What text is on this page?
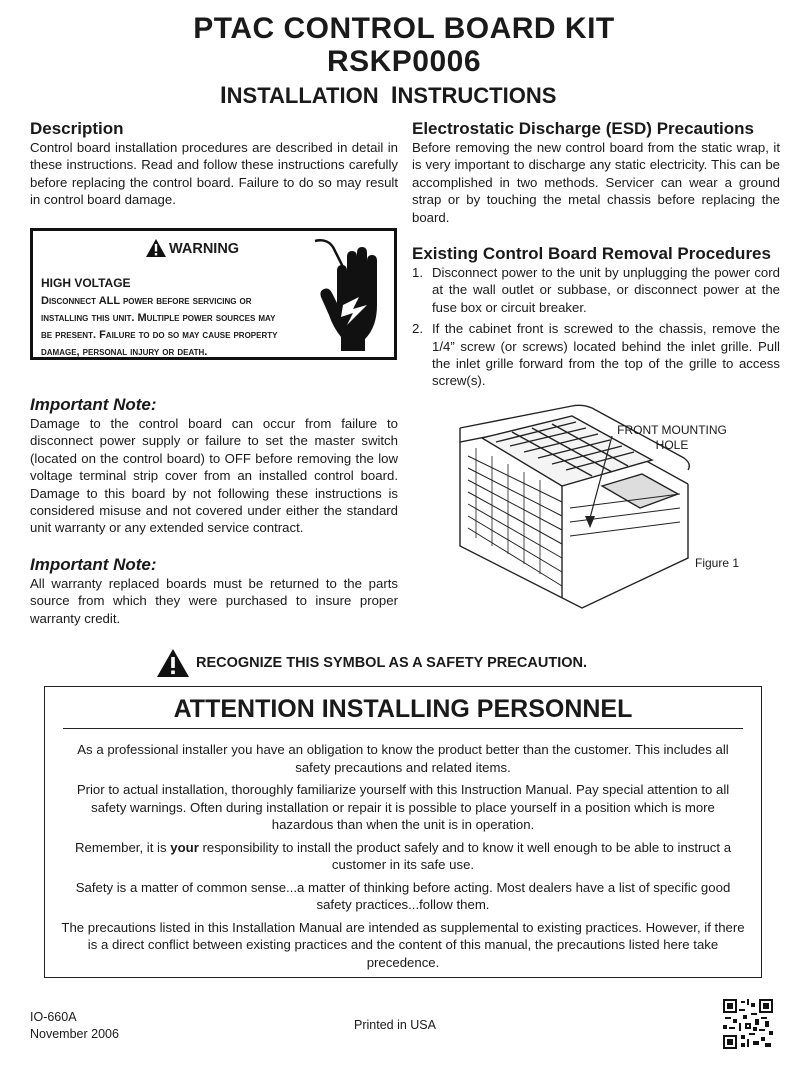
PTAC CONTROL BOARD KIT
RSKP0006
INSTALLATION INSTRUCTIONS
Description
Control board installation procedures are described in detail in these instructions. Read and follow these instructions carefully before replacing the control board. Failure to do so may result in control board damage.
WARNING
HIGH VOLTAGE
Disconnect ALL power before servicing or
installing this unit. Multiple power sources may
be present. Failure to do so may cause property
damage, personal injury or death.
Important Note:
Damage to the control board can occur from failure to disconnect power supply or failure to set the master switch (located on the control board) to OFF before removing the low voltage terminal strip cover from an installed control board. Damage to this board by not following these instructions is considered misuse and not covered under either the standard unit warranty or any extended service contract.
Important Note:
All warranty replaced boards must be returned to the parts source from which they were purchased to insure proper warranty credit.
Electrostatic Discharge (ESD) Precautions
Before removing the new control board from the static wrap, it is very important to discharge any static electricity. This can be accomplished in two methods. Servicer can wear a ground strap or by touching the metal chassis before replacing the board.
Existing Control Board Removal Procedures
1. Disconnect power to the unit by unplugging the power cord at the wall outlet or subbase, or disconnect power at the fuse box or circuit breaker.
2. If the cabinet front is screwed to the chassis, remove the 1/4” screw (or screws) located behind the inlet grille. Pull the inlet grille forward from the top of the grille to access screw(s).
FRONT MOUNTING
HOLE
Figure 1
RECOGNIZE THIS SYMBOL AS A SAFETY PRECAUTION.
ATTENTION INSTALLING PERSONNEL

As a professional installer you have an obligation to know the product better than the customer. This includes all safety precautions and related items.

Prior to actual installation, thoroughly familiarize yourself with this Instruction Manual. Pay special attention to all safety warnings. Often during installation or repair it is possible to place yourself in a position which is more hazardous than when the unit is in operation.

Remember, it is your responsibility to install the product safely and to know it well enough to be able to instruct a customer in its safe use.

Safety is a matter of common sense...a matter of thinking before acting. Most dealers have a list of specific good safety practices...follow them.

The precautions listed in this Installation Manual are intended as supplemental to existing practices. However, if there is a direct conflict between existing practices and the content of this manual, the precautions listed here take precedence.

IO-660A
November 2006
Printed in USA
